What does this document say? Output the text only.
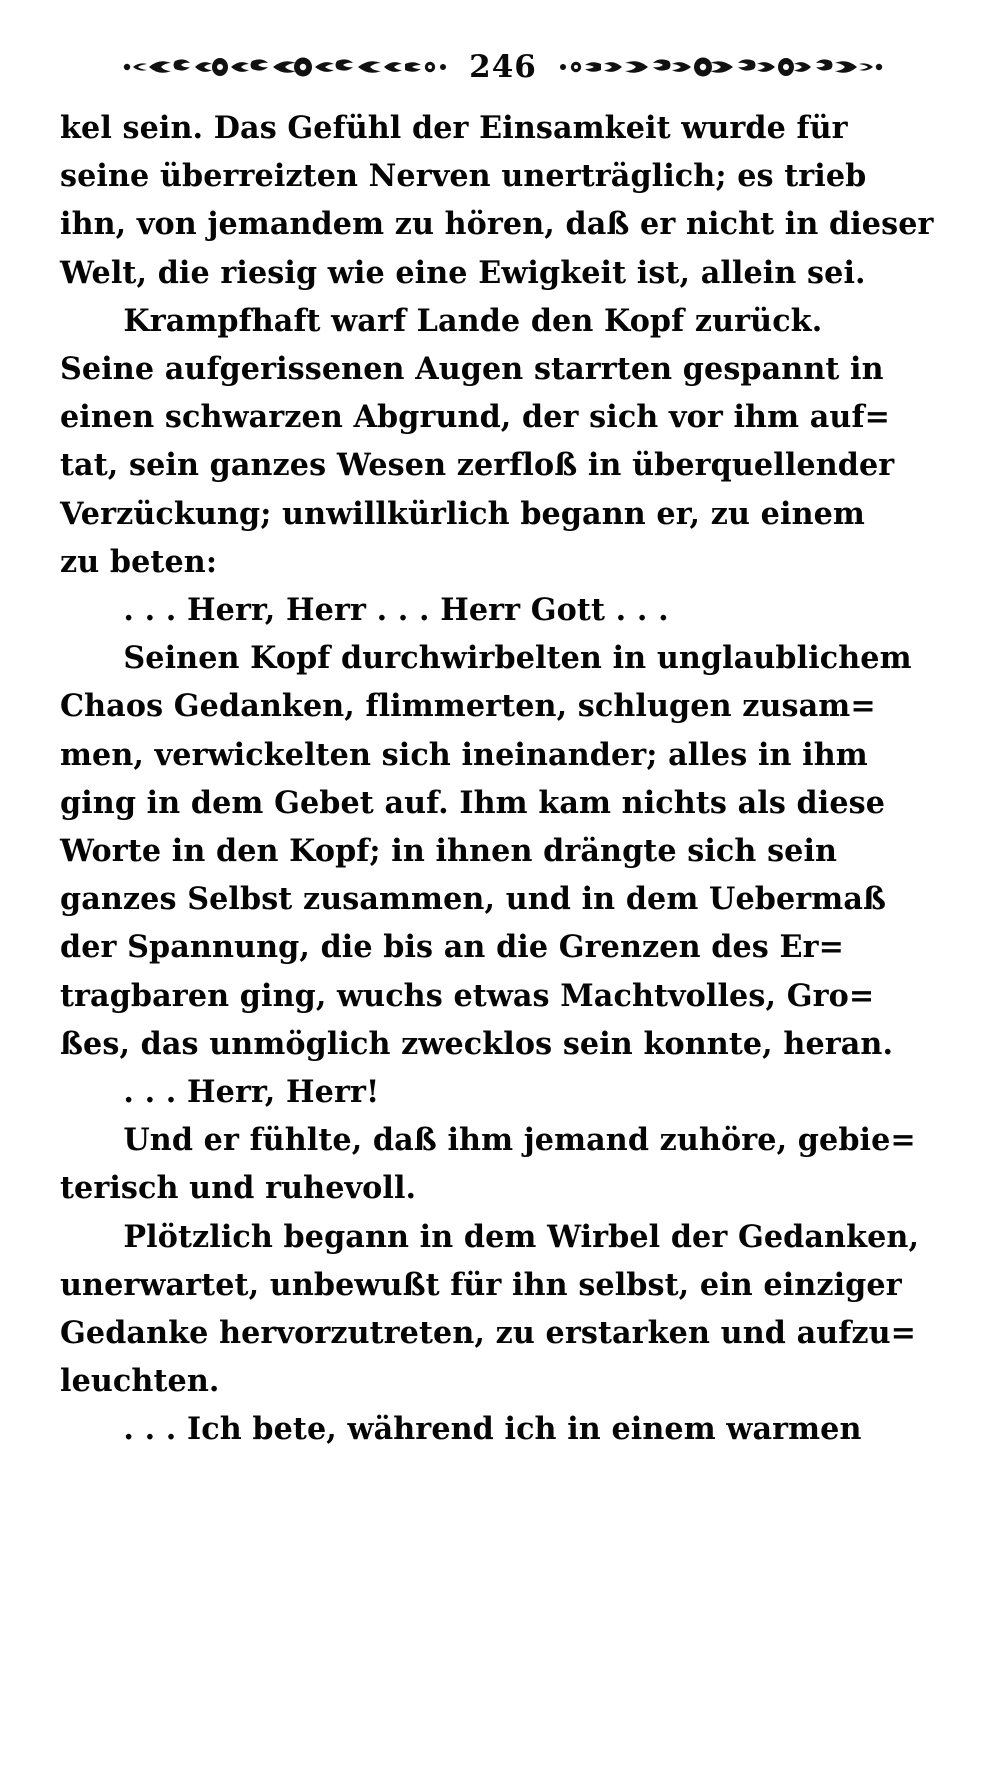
246

kel sein. Das Gefühl der Einsamkeit wurde für
seine überreizten Nerven unerträglich; es trieb
ihn, von jemandem zu hören, daß er nicht in dieser
Welt, die riesig wie eine Ewigkeit ist, allein sei.

Krampfhaft warf Lande den Kopf zurück.
Seine aufgerissenen Augen starrten gespannt in
einen schwarzen Abgrund, der sich vor ihm auf=
tat, sein ganzes Wesen zerfloß in überquellender
Verzückung; unwillkürlich begann er, zu einem
zu beten:

. . . Herr, Herr . . . Herr Gott . . .

Seinen Kopf durchwirbelten in unglaublichem
Chaos Gedanken, flimmerten, schlugen zusam=
men, verwickelten sich ineinander; alles in ihm
ging in dem Gebet auf. Ihm kam nichts als diese
Worte in den Kopf; in ihnen drängte sich sein
ganzes Selbst zusammen, und in dem Uebermaß
der Spannung, die bis an die Grenzen des Er=
tragbaren ging, wuchs etwas Machtvolles, Gro=
ßes, das unmöglich zwecklos sein konnte, heran.

. . . Herr, Herr!

Und er fühlte, daß ihm jemand zuhöre, gebie=
terisch und ruhevoll.

Plötzlich begann in dem Wirbel der Gedanken,
unerwartet, unbewußt für ihn selbst, ein einziger
Gedanke hervorzutreten, zu erstarken und aufzu=
leuchten.

. . . Ich bete, während ich in einem warmen
